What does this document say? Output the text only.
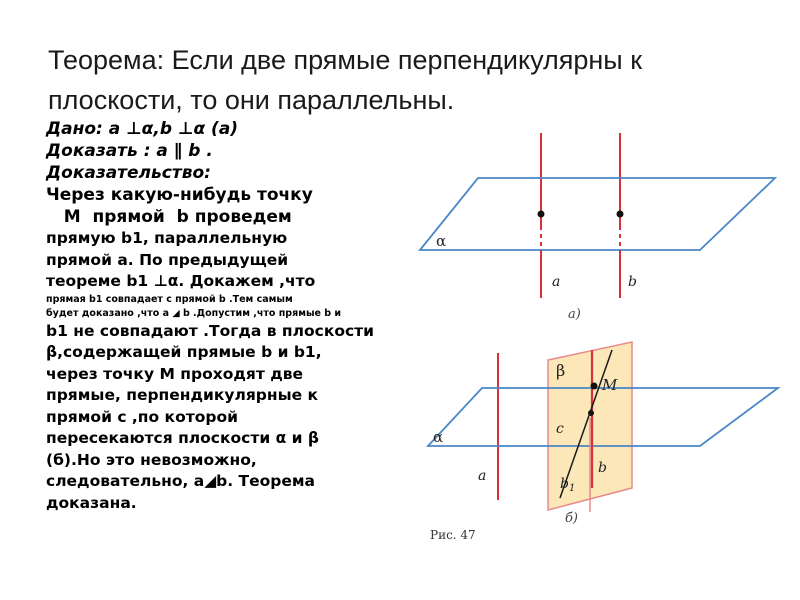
Теорема: Если две прямые перпендикулярны к плоскости, то они параллельны.
Дано: а ⊥α,b ⊥α (а)
Доказать : а ∥ b .
Доказательство:
Через какую-нибудь точку
М  прямой  b проведем
прямую b1, параллельную
прямой а. По предыдущей
теореме b1 ⊥α. Докажем ,что
прямая b1 совпадает с прямой b .Тем самым
будет доказано ,что а ◢ b .Допустим ,что прямые b и
b1 не совпадают .Тогда в плоскости
β,содержащей прямые b и b1,
через точку М проходят две
прямые, перпендикулярные к
прямой с ,по которой
пересекаются плоскости α и β
(б).Но это невозможно,
следовательно, а◢b. Теорема
доказана.
α
a	b
а)
α
β
M
c
a	b
$b_1$
б)
Рис. 47
